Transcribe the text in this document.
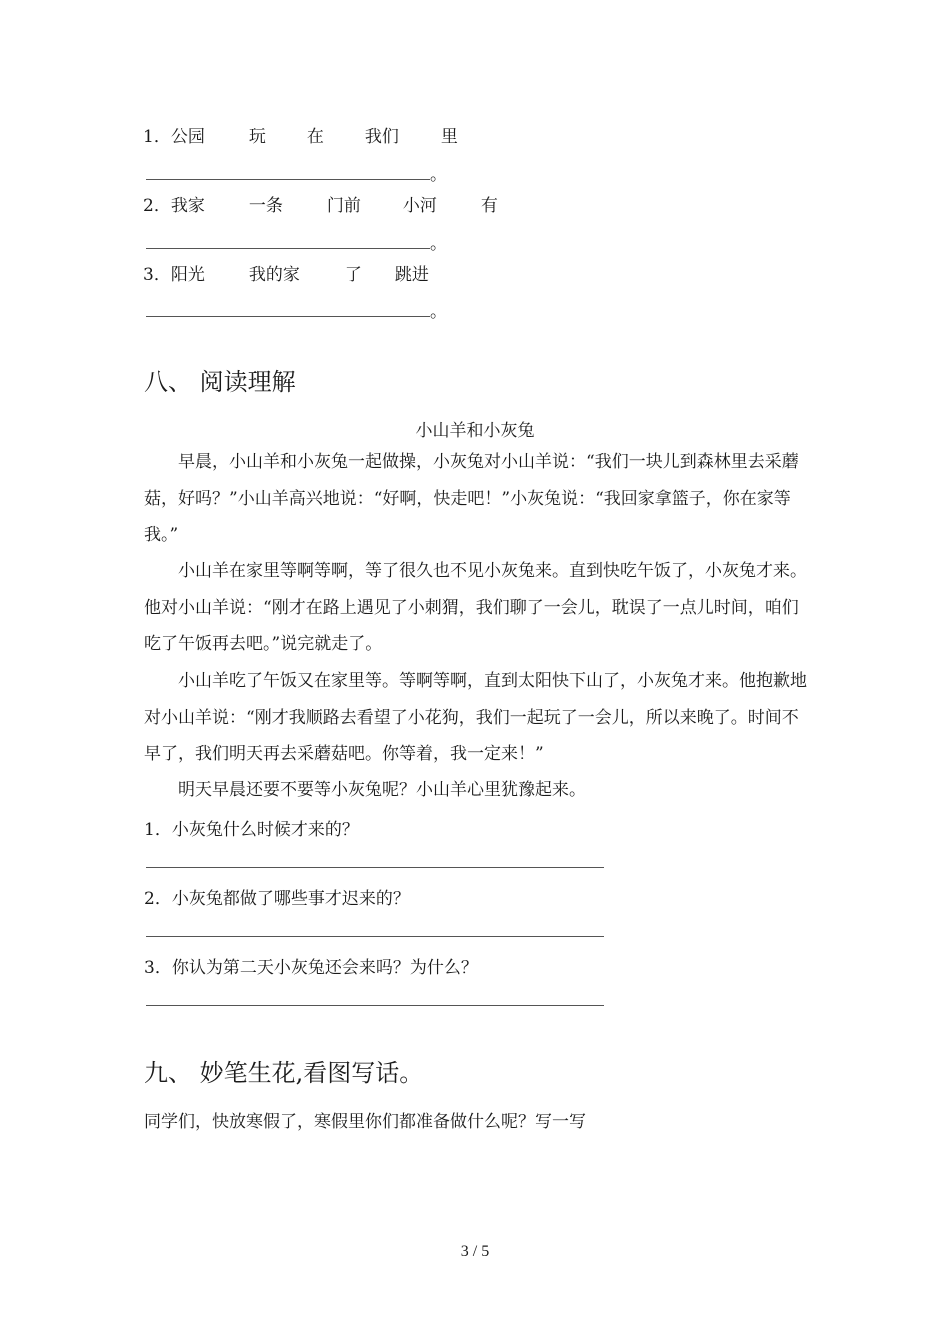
1．公园	玩 在 我们 里
。
2．我家	一条	门前 小河	有
。
3．阳光	我的家	了 跳进
。
八、 阅读理解
小山羊和小灰兔
早晨，小山羊和小灰兔一起做操，小灰兔对小山羊说：“我们一块儿到森林里去采蘑菇，好吗？”小山羊高兴地说：“好啊，快走吧！”小灰兔说：“我回家拿篮子，你在家等我。”
小山羊在家里等啊等啊，等了很久也不见小灰兔来。直到快吃午饭了，小灰兔才来。他对小山羊说：“刚才在路上遇见了小刺猬，我们聊了一会儿，耽误了一点儿时间，咱们吃了午饭再去吧。”说完就走了。
小山羊吃了午饭又在家里等。等啊等啊，直到太阳快下山了，小灰兔才来。他抱歉地对小山羊说：“刚才我顺路去看望了小花狗，我们一起玩了一会儿，所以来晚了。时间不早了，我们明天再去采蘑菇吧。你等着，我一定来！”
明天早晨还要不要等小灰兔呢？小山羊心里犹豫起来。
1．小灰兔什么时候才来的？
2．小灰兔都做了哪些事才迟来的？
3．你认为第二天小灰兔还会来吗？为什么？
九、 妙笔生花,看图写话。
同学们，快放寒假了，寒假里你们都准备做什么呢？写一写
3 / 5
